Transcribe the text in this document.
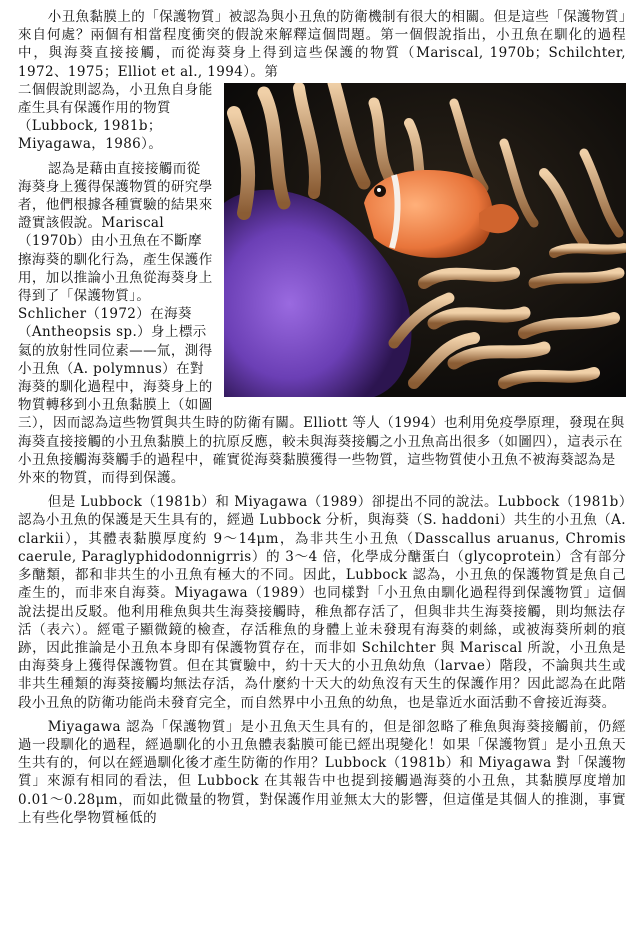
小丑魚黏膜上的「保護物質」被認為與小丑魚的防衛機制有很大的相關。但是這些「保護物質」來自何處？兩個有相當程度衝突的假說來解釋這個問題。第一個假說指出，小丑魚在馴化的過程中，與海葵直接接觸，而從海葵身上得到這些保護的物質（Mariscal, 1970b；Schilchter, 1972、1975；Elliot et al., 1994）。第

二個假說則認為，小丑魚自身能產生具有保護作用的物質（Lubbock, 1981b；Miyagawa，1986）。

認為是藉由直接接觸而從海葵身上獲得保護物質的研究學者，他們根據各種實驗的結果來證實該假說。Mariscal（1970b）由小丑魚在不斷摩擦海葵的馴化行為，產生保護作用，加以推論小丑魚從海葵身上得到了「保護物質」。Schlicher（1972）在海葵（Antheopsis sp.）身上標示氦的放射性同位素——氚，測得小丑魚（A. polymnus）在對海葵的馴化過程中，海葵身上的物質轉移到小丑魚黏膜上（如圖三），因而認為這些物質與共生時的防衛有關。Elliott 等人（1994）也利用免疫學原理，發現在與海葵直接接觸的小丑魚黏膜上的抗原反應，較未與海葵接觸之小丑魚高出很多（如圖四），這表示在小丑魚接觸海葵觸手的過程中，確實從海葵黏膜獲得一些物質，這些物質使小丑魚不被海葵認為是外來的物質，而得到保護。

但是 Lubbock（1981b）和 Miyagawa（1989）卻提出不同的說法。Lubbock（1981b）認為小丑魚的保護是天生具有的，經過 Lubbock 分析，與海葵（S. haddoni）共生的小丑魚（A. clarkii），其體表黏膜厚度約 9～14μm，為非共生小丑魚（Dasscallus aruanus, Chromis caerule, Paraglyphidodonnigrris）的 3～4 倍，化學成分醣蛋白（glycoprotein）含有部分多醣類，都和非共生的小丑魚有極大的不同。因此，Lubbock 認為，小丑魚的保護物質是魚自己產生的，而非來自海葵。Miyagawa（1989）也同樣對「小丑魚由馴化過程得到保護物質」這個說法提出反駁。他利用稚魚與共生海葵接觸時，稚魚都存活了，但與非共生海葵接觸，則均無法存活（表六）。經電子顯微鏡的檢查，存活稚魚的身體上並未發現有海葵的刺絲，或被海葵所刺的痕跡，因此推論是小丑魚本身即有保護物質存在，而非如 Schilchter 與 Mariscal 所說，小丑魚是由海葵身上獲得保護物質。但在其實驗中，約十天大的小丑魚幼魚（larvae）階段，不論與共生或非共生種類的海葵接觸均無法存活，為什麼約十天大的幼魚沒有天生的保護作用？因此認為在此階段小丑魚的防衛功能尚未發育完全，而自然界中小丑魚的幼魚，也是靠近水面活動不會接近海葵。

Miyagawa 認為「保護物質」是小丑魚天生具有的，但是卻忽略了稚魚與海葵接觸前，仍經過一段馴化的過程，經過馴化的小丑魚體表黏膜可能已經出現變化！如果「保護物質」是小丑魚天生共有的，何以在經過馴化後才產生防衛的作用？Lubbock（1981b）和 Miyagawa 對「保護物質」來源有相同的看法，但 Lubbock 在其報告中也提到接觸過海葵的小丑魚，其黏膜厚度增加 0.01～0.28μm，而如此微量的物質，對保護作用並無太大的影響，但這僅是其個人的推測，事實上有些化學物質極低的
